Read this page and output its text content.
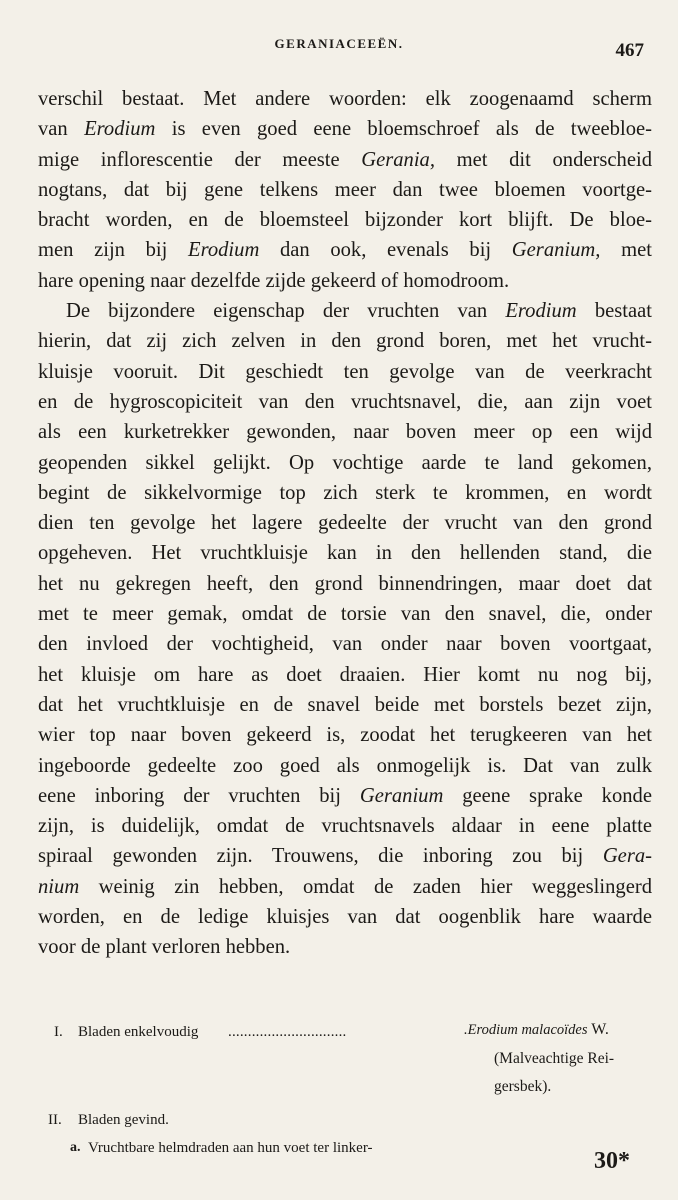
GERANIACEEËN.	467
verschil bestaat. Met andere woorden: elk zoogenaamd scherm
van Erodium is even goed eene bloemschroef als de tweebloe-
mige inflorescentie der meeste Gerania, met dit onderscheid
nogtans, dat bij gene telkens meer dan twee bloemen voortge-
bracht worden, en de bloemsteel bijzonder kort blijft. De bloe-
men zijn bij Erodium dan ook, evenals bij Geranium, met
hare opening naar dezelfde zijde gekeerd of homodroom.
De bijzondere eigenschap der vruchten van Erodium bestaat
hierin, dat zij zich zelven in den grond boren, met het vrucht-
kluisje vooruit. Dit geschiedt ten gevolge van de veerkracht
en de hygroscopiciteit van den vruchtsnavel, die, aan zijn voet
als een kurketrekker gewonden, naar boven meer op een wijd
geopenden sikkel gelijkt. Op vochtige aarde te land gekomen,
begint de sikkelvormige top zich sterk te krommen, en wordt
dien ten gevolge het lagere gedeelte der vrucht van den grond
opgeheven. Het vruchtkluisje kan in den hellenden stand, die
het nu gekregen heeft, den grond binnendringen, maar doet dat
met te meer gemak, omdat de torsie van den snavel, die, onder
den invloed der vochtigheid, van onder naar boven voortgaat,
het kluisje om hare as doet draaien. Hier komt nu nog bij,
dat het vruchtkluisje en de snavel beide met borstels bezet zijn,
wier top naar boven gekeerd is, zoodat het terugkeeren van het
ingeboorde gedeelte zoo goed als onmogelijk is. Dat van zulk
eene inboring der vruchten bij Geranium geene sprake konde
zijn, is duidelijk, omdat de vruchtsnavels aldaar in eene platte
spiraal gewonden zijn. Trouwens, die inboring zou bij Gera-
nium weinig zin hebben, omdat de zaden hier weggeslingerd
worden, en de ledige kluisjes van dat oogenblik hare waarde
voor de plant verloren hebben.
I. Bladen enkelvoudig ..............................	.Erodium malacoïdes W.
(Malveachtige Rei-
gersbek).
II. Bladen gevind.
a. Vruchtbare helmdraden aan hun voet ter linker-	30*
